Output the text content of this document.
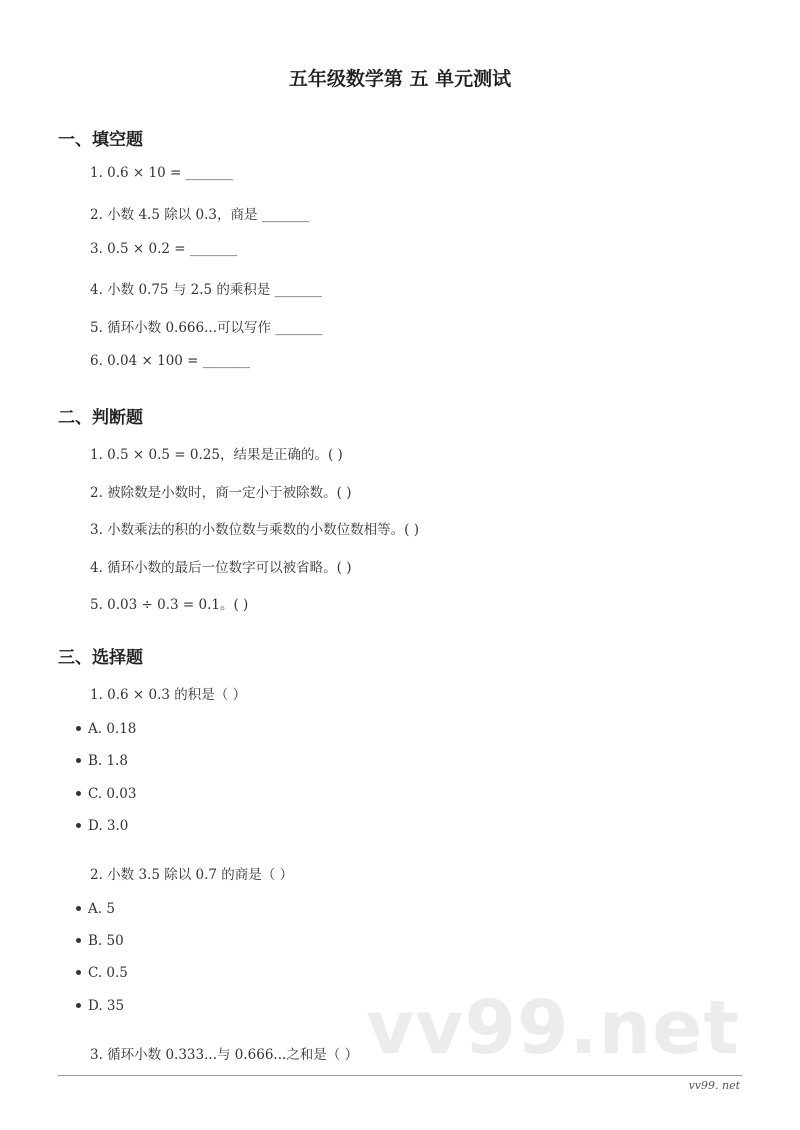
五年级数学第 五 单元测试
一、填空题
1. 0.6 × 10 = _______
2. 小数 4.5 除以 0.3，商是 _______
3. 0.5 × 0.2 = _______
4. 小数 0.75 与 2.5 的乘积是 _______
5. 循环小数 0.666...可以写作 _______
6. 0.04 × 100 = _______
二、判断题
1. 0.5 × 0.5 = 0.25，结果是正确的。( )
2. 被除数是小数时，商一定小于被除数。( )
3. 小数乘法的积的小数位数与乘数的小数位数相等。( )
4. 循环小数的最后一位数字可以被省略。( )
5. 0.03 ÷ 0.3 = 0.1。( )
三、选择题
1. 0.6 × 0.3 的积是（ ）
A. 0.18
B. 1.8
C. 0.03
D. 3.0
2. 小数 3.5 除以 0.7 的商是（ ）
A. 5
B. 50
C. 0.5
D. 35	vv99.net
3. 循环小数 0.333...与 0.666...之和是（ ）
vv99. net
